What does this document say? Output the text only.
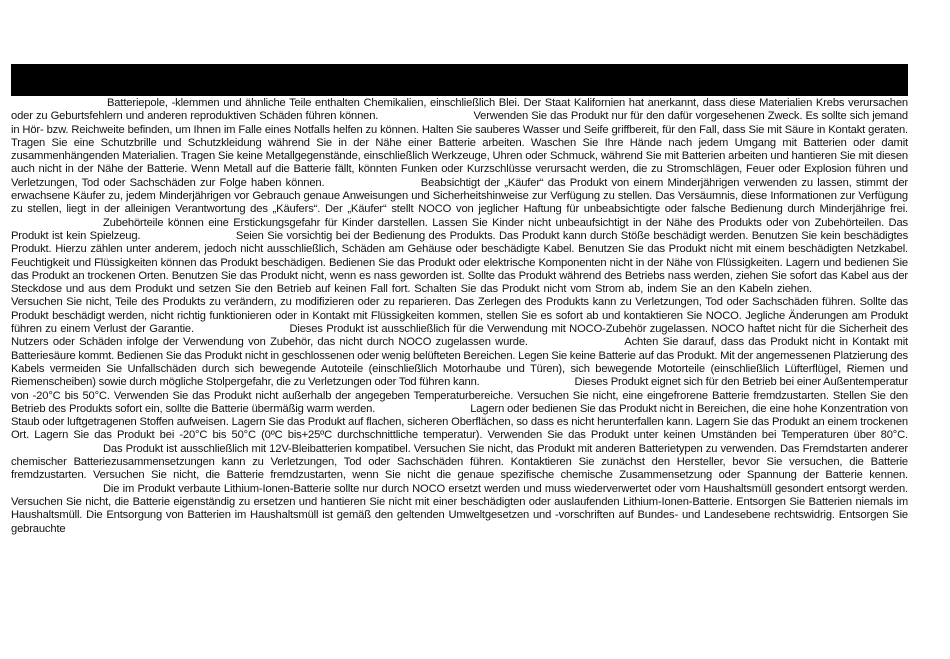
Batteriepole, -klemmen und ähnliche Teile enthalten Chemikalien, einschließlich Blei. Der Staat Kalifornien hat anerkannt, dass diese Materialien Krebs verursachen oder zu Geburtsfehlern und anderen reproduktiven Schäden führen können.	Verwenden Sie das Produkt nur für den dafür vorgesehenen Zweck. Es sollte sich jemand in Hör- bzw. Reichweite befinden, um Ihnen im Falle eines Notfalls helfen zu können. Halten Sie sauberes Wasser und Seife griffbereit, für den Fall, dass Sie mit Säure in Kontakt geraten. Tragen Sie eine Schutzbrille und Schutzkleidung während Sie in der Nähe einer Batterie arbeiten. Waschen Sie Ihre Hände nach jedem Umgang mit Batterien oder damit zusammenhängenden Materialien. Tragen Sie keine Metallgegenstände, einschließlich Werkzeuge, Uhren oder Schmuck, während Sie mit Batterien arbeiten und hantieren Sie mit diesen auch nicht in der Nähe der Batterie. Wenn Metall auf die Batterie fällt, könnten Funken oder Kurzschlüsse verursacht werden, die zu Stromschlägen, Feuer oder Explosion führen und Verletzungen, Tod oder Sachschäden zur Folge haben können.	Beabsichtigt der „Käufer“ das Produkt von einem Minderjährigen verwenden zu lassen, stimmt der erwachsene Käufer zu, jedem Minderjährigen vor Gebrauch genaue Anweisungen und Sicherheitshinweise zur Verfügung zu stellen. Das Versäumnis, diese Informationen zur Verfügung zu stellen, liegt in der alleinigen Verantwortung des „Käufers“. Der „Käufer“ stellt NOCO von jeglicher Haftung für unbeabsichtigte oder falsche Bedienung durch Minderjährige frei. Zubehörteile können eine Erstickungsgefahr für Kinder darstellen. Lassen Sie Kinder nicht unbeaufsichtigt in der Nähe des Produkts oder von Zubehörteilen. Das Produkt ist kein Spielzeug.	Seien Sie vorsichtig bei der Bedienung des Produkts. Das Produkt kann durch Stöße beschädigt werden. Benutzen Sie kein beschädigtes Produkt. Hierzu zählen unter anderem, jedoch nicht ausschließlich, Schäden am Gehäuse oder beschädigte Kabel. Benutzen Sie das Produkt nicht mit einem beschädigten Netzkabel. Feuchtigkeit und Flüssigkeiten können das Produkt beschädigen. Bedienen Sie das Produkt oder elektrische Komponenten nicht in der Nähe von Flüssigkeiten. Lagern und bedienen Sie das Produkt an trockenen Orten. Benutzen Sie das Produkt nicht, wenn es nass geworden ist. Sollte das Produkt während des Betriebs nass werden, ziehen Sie sofort das Kabel aus der Steckdose und aus dem Produkt und setzen Sie den Betrieb auf keinen Fall fort. Schalten Sie das Produkt nicht vom Strom ab, indem Sie an den Kabeln ziehen. Versuchen Sie nicht, Teile des Produkts zu verändern, zu modifizieren oder zu reparieren. Das Zerlegen des Produkts kann zu Verletzungen, Tod oder Sachschäden führen. Sollte das Produkt beschädigt werden, nicht richtig funktionieren oder in Kontakt mit Flüssigkeiten kommen, stellen Sie es sofort ab und kontaktieren Sie NOCO. Jegliche Änderungen am Produkt führen zu einem Verlust der Garantie.	Dieses Produkt ist ausschließlich für die Verwendung mit NOCO-Zubehör zugelassen. NOCO haftet nicht für die Sicherheit des Nutzers oder Schäden infolge der Verwendung von Zubehör, das nicht durch NOCO zugelassen wurde.	Achten Sie darauf, dass das Produkt nicht in Kontakt mit Batteriesäure kommt. Bedienen Sie das Produkt nicht in geschlossenen oder wenig belüfteten Bereichen. Legen Sie keine Batterie auf das Produkt. Mit der angemessenen Platzierung des Kabels vermeiden Sie Unfallschäden durch sich bewegende Autoteile (einschließlich Motorhaube und Türen), sich bewegende Motorteile (einschließlich Lüfterflügel, Riemen und Riemenscheiben) sowie durch mögliche Stolpergefahr, die zu Verletzungen oder Tod führen kann.	Dieses Produkt eignet sich für den Betrieb bei einer Außentemperatur von -20°C bis 50°C. Verwenden Sie das Produkt nicht außerhalb der angegeben Temperaturbereiche. Versuchen Sie nicht, eine eingefrorene Batterie fremdzustarten. Stellen Sie den Betrieb des Produkts sofort ein, sollte die Batterie übermäßig warm werden.	Lagern oder bedienen Sie das Produkt nicht in Bereichen, die eine hohe Konzentration von Staub oder luftgetragenen Stoffen aufweisen. Lagern Sie das Produkt auf flachen, sicheren Oberflächen, so dass es nicht herunterfallen kann. Lagern Sie das Produkt an einem trockenen Ort. Lagern Sie das Produkt bei -20°C bis 50°C (0ºC bis+25ºC durchschnittliche temperatur). Verwenden Sie das Produkt unter keinen Umständen bei Temperaturen über 80°C. Das Produkt ist ausschließlich mit 12V-Bleibatterien kompatibel. Versuchen Sie nicht, das Produkt mit anderen Batterietypen zu verwenden. Das Fremdstarten anderer chemischer Batteriezusammensetzungen kann zu Verletzungen, Tod oder Sachschäden führen. Kontaktieren Sie zunächst den Hersteller, bevor Sie versuchen, die Batterie fremdzustarten. Versuchen Sie nicht, die Batterie fremdzustarten, wenn Sie nicht die genaue spezifische chemische Zusammensetzung oder Spannung der Batterie kennen. Die im Produkt verbaute Lithium-Ionen-Batterie sollte nur durch NOCO ersetzt werden und muss wiederverwertet oder vom Haushaltsmüll gesondert entsorgt werden. Versuchen Sie nicht, die Batterie eigenständig zu ersetzen und hantieren Sie nicht mit einer beschädigten oder auslaufenden Lithium-Ionen-Batterie. Entsorgen Sie Batterien niemals im Haushaltsmüll. Die Entsorgung von Batterien im Haushaltsmüll ist gemäß den geltenden Umweltgesetzen und -vorschriften auf Bundes- und Landesebene rechtswidrig. Entsorgen Sie gebrauchte
